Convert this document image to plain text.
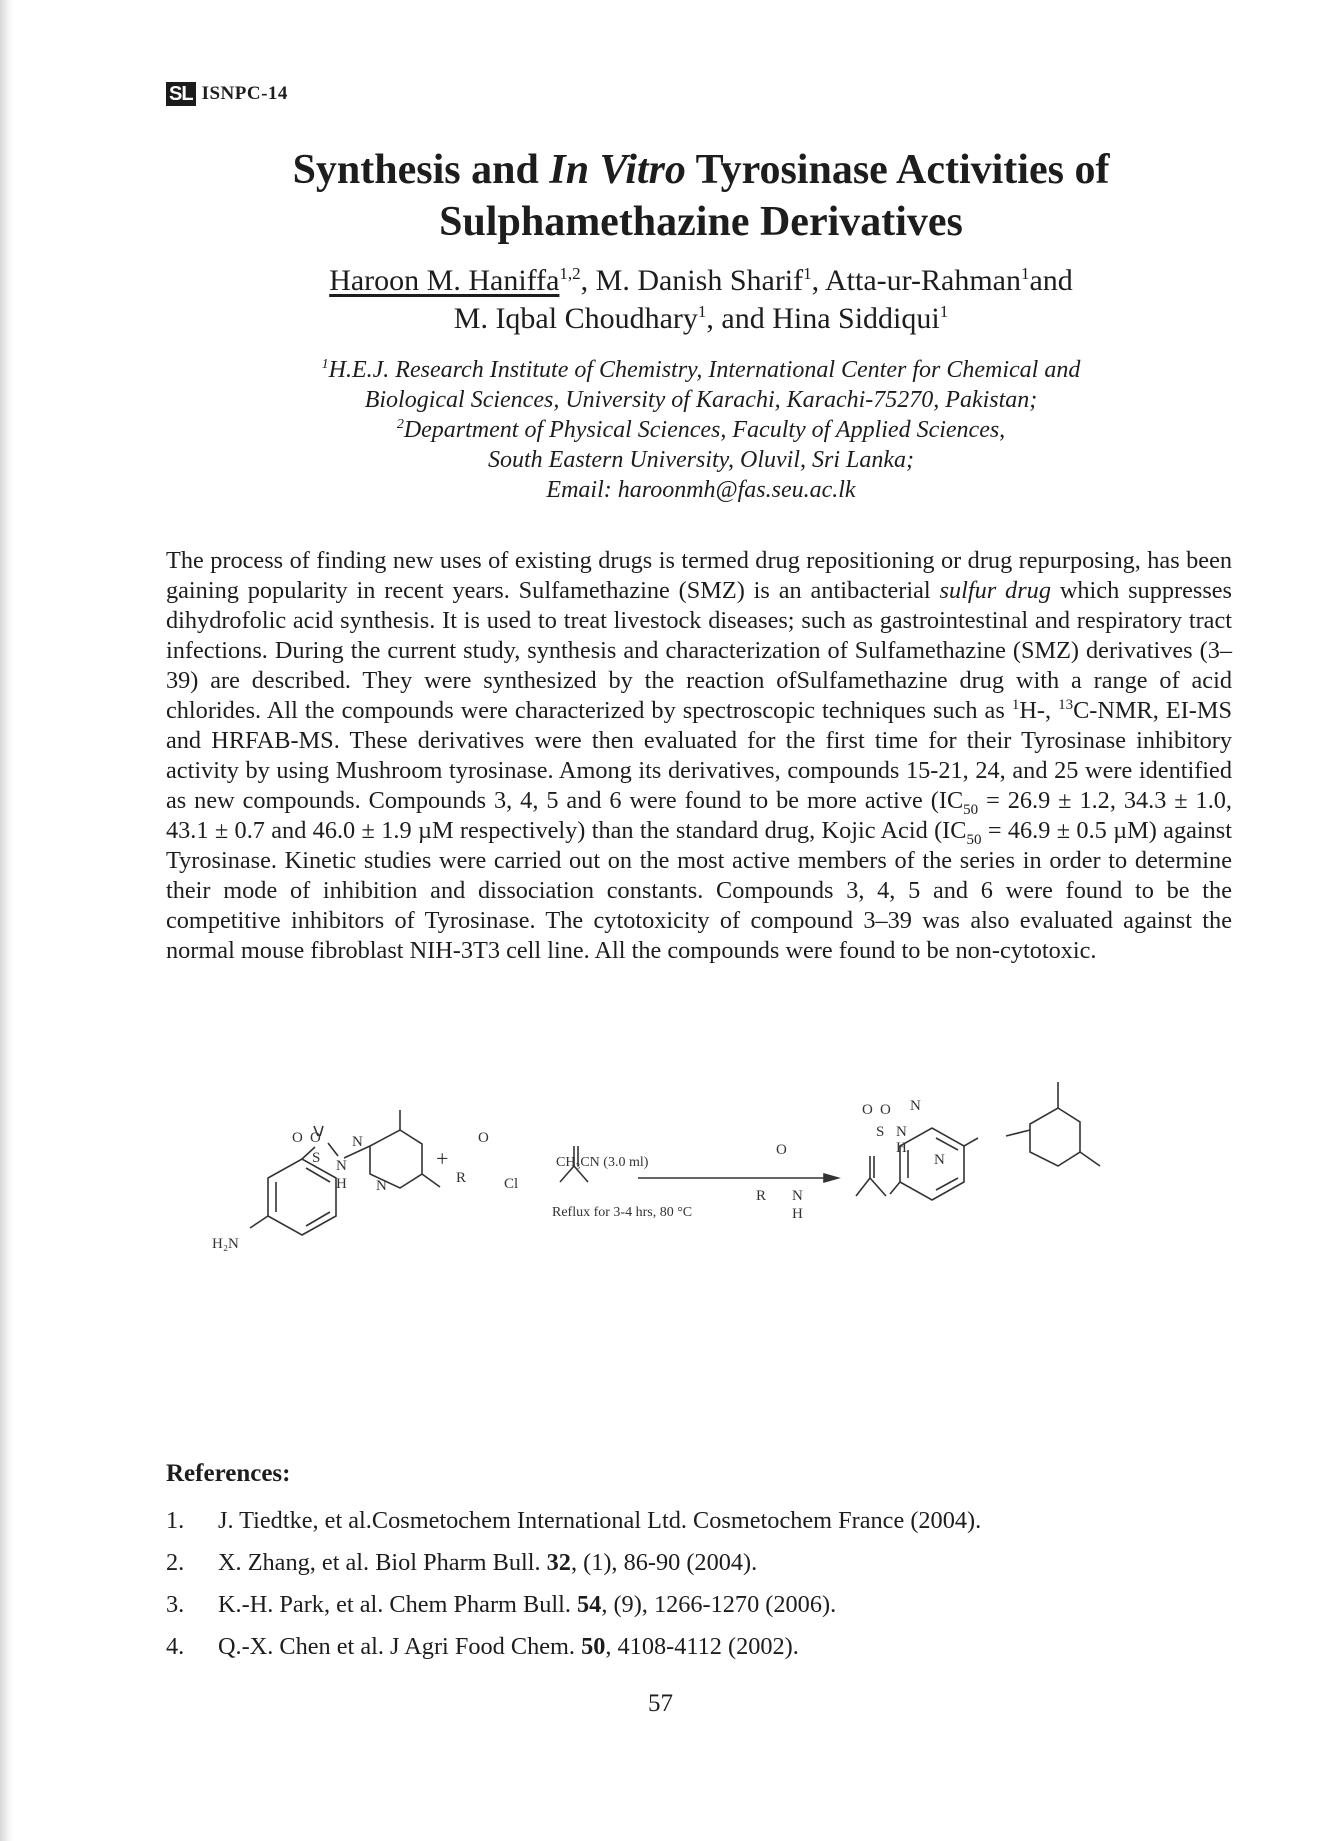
SL ISNPC-14
Synthesis and In Vitro Tyrosinase Activities of
Sulphamethazine Derivatives
Haroon M. Haniffa$^{1,2}$, M. Danish Sharif$^1$, Atta-ur-Rahman$^1$and
M. Iqbal Choudhary$^1$, and Hina Siddiqui$^1$
$^1$H.E.J. Research Institute of Chemistry, International Center for Chemical and
Biological Sciences, University of Karachi, Karachi-75270, Pakistan;
$^2$Department of Physical Sciences, Faculty of Applied Sciences,
South Eastern University, Oluvil, Sri Lanka;
Email: haroonmh@fas.seu.ac.lk

The process of finding new uses of existing drugs is termed drug repositioning or drug repurposing, has been gaining popularity in recent years. Sulfamethazine (SMZ) is an antibacterial sulfur drug which suppresses dihydrofolic acid synthesis. It is used to treat livestock diseases; such as gastrointestinal and respiratory tract infections. During the current study, synthesis and characterization of Sulfamethazine (SMZ) derivatives (3–39) are described. They were synthesized by the reaction ofSulfamethazine drug with a range of acid chlorides. All the compounds were characterized by spectroscopic techniques such as $^1$H-, $^{13}$C-NMR, EI-MS and HRFAB-MS. These derivatives were then evaluated for the first time for their Tyrosinase inhibitory activity by using Mushroom tyrosinase. Among its derivatives, compounds 15-21, 24, and 25 were identified as new compounds. Compounds 3, 4, 5 and 6 were found to be more active ($IC_{50} = 26.9 \pm 1.2$, 34.3 ± 1.0, 43.1 ± 0.7 and 46.0 ± 1.9 µM respectively) than the standard drug, Kojic Acid ($IC_{50} = 46.9 \pm 0.5$ µM) against Tyrosinase. Kinetic studies were carried out on the most active members of the series in order to determine their mode of inhibition and dissociation constants. Compounds 3, 4, 5 and 6 were found to be the competitive inhibitors of Tyrosinase. The cytotoxicity of compound 3–39 was also evaluated against the normal mouse fibroblast NIH-3T3 cell line. All the compounds were found to be non-cytotoxic.

O O
S N
H
N
N
H₂N
+
O
R	Cl
CH₃CN (3.0 ml)
Reflux for 3-4 hrs, 80 °C
O
R N
H
O O
S N
H
N
N
References:
1.	J. Tiedtke, et al.Cosmetochem International Ltd. Cosmetochem France (2004).
2.	X. Zhang, et al. Biol Pharm Bull. 32, (1), 86-90 (2004).
3.	K.-H. Park, et al. Chem Pharm Bull. 54, (9), 1266-1270 (2006).
4.	Q.-X. Chen et al. J Agri Food Chem. 50, 4108-4112 (2002).
57
